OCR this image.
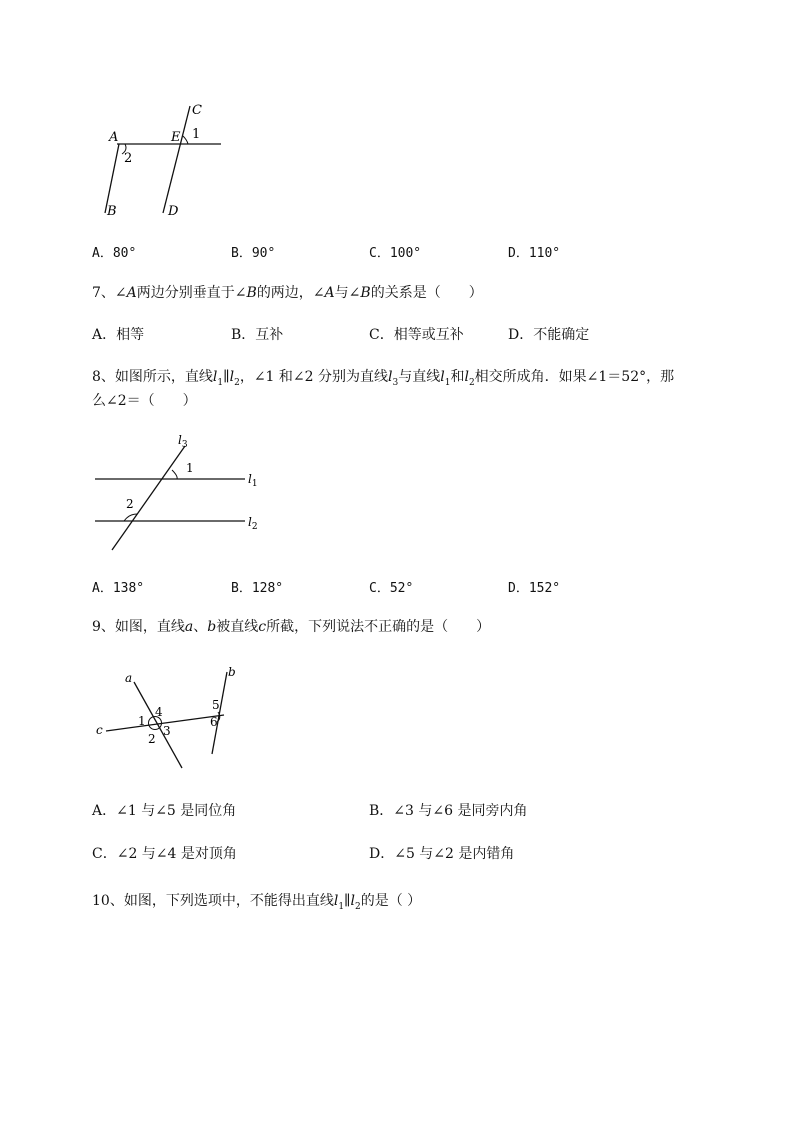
A	E
C
B	D
1
2
A．80°	B．90°	C．100°	D．110°
7、∠A两边分别垂直于∠B的两边，∠A与∠B的关系是（　　）
A．相等	B．互补	C．相等或互补	D．不能确定
8、如图所示，直线$l_1\parallel l_2$，∠1 和∠2 分别为直线$l_3$与直线$l_1$和$l_2$相交所成角．如果∠1＝52°，那
么∠2＝（　　）
$l_3$
$l_1$
$l_2$
1
2
A．138°	B．128°	C．52°	D．152°
9、如图，直线a、b被直线c所截，下列说法不正确的是（　　）
a	b
c
1
2
3
4	5
6
A．∠1 与∠5 是同位角	B．∠3 与∠6 是同旁内角
C．∠2 与∠4 是对顶角	D．∠5 与∠2 是内错角
10、如图，下列选项中，不能得出直线$l_1\parallel l_2$的是（ ）
